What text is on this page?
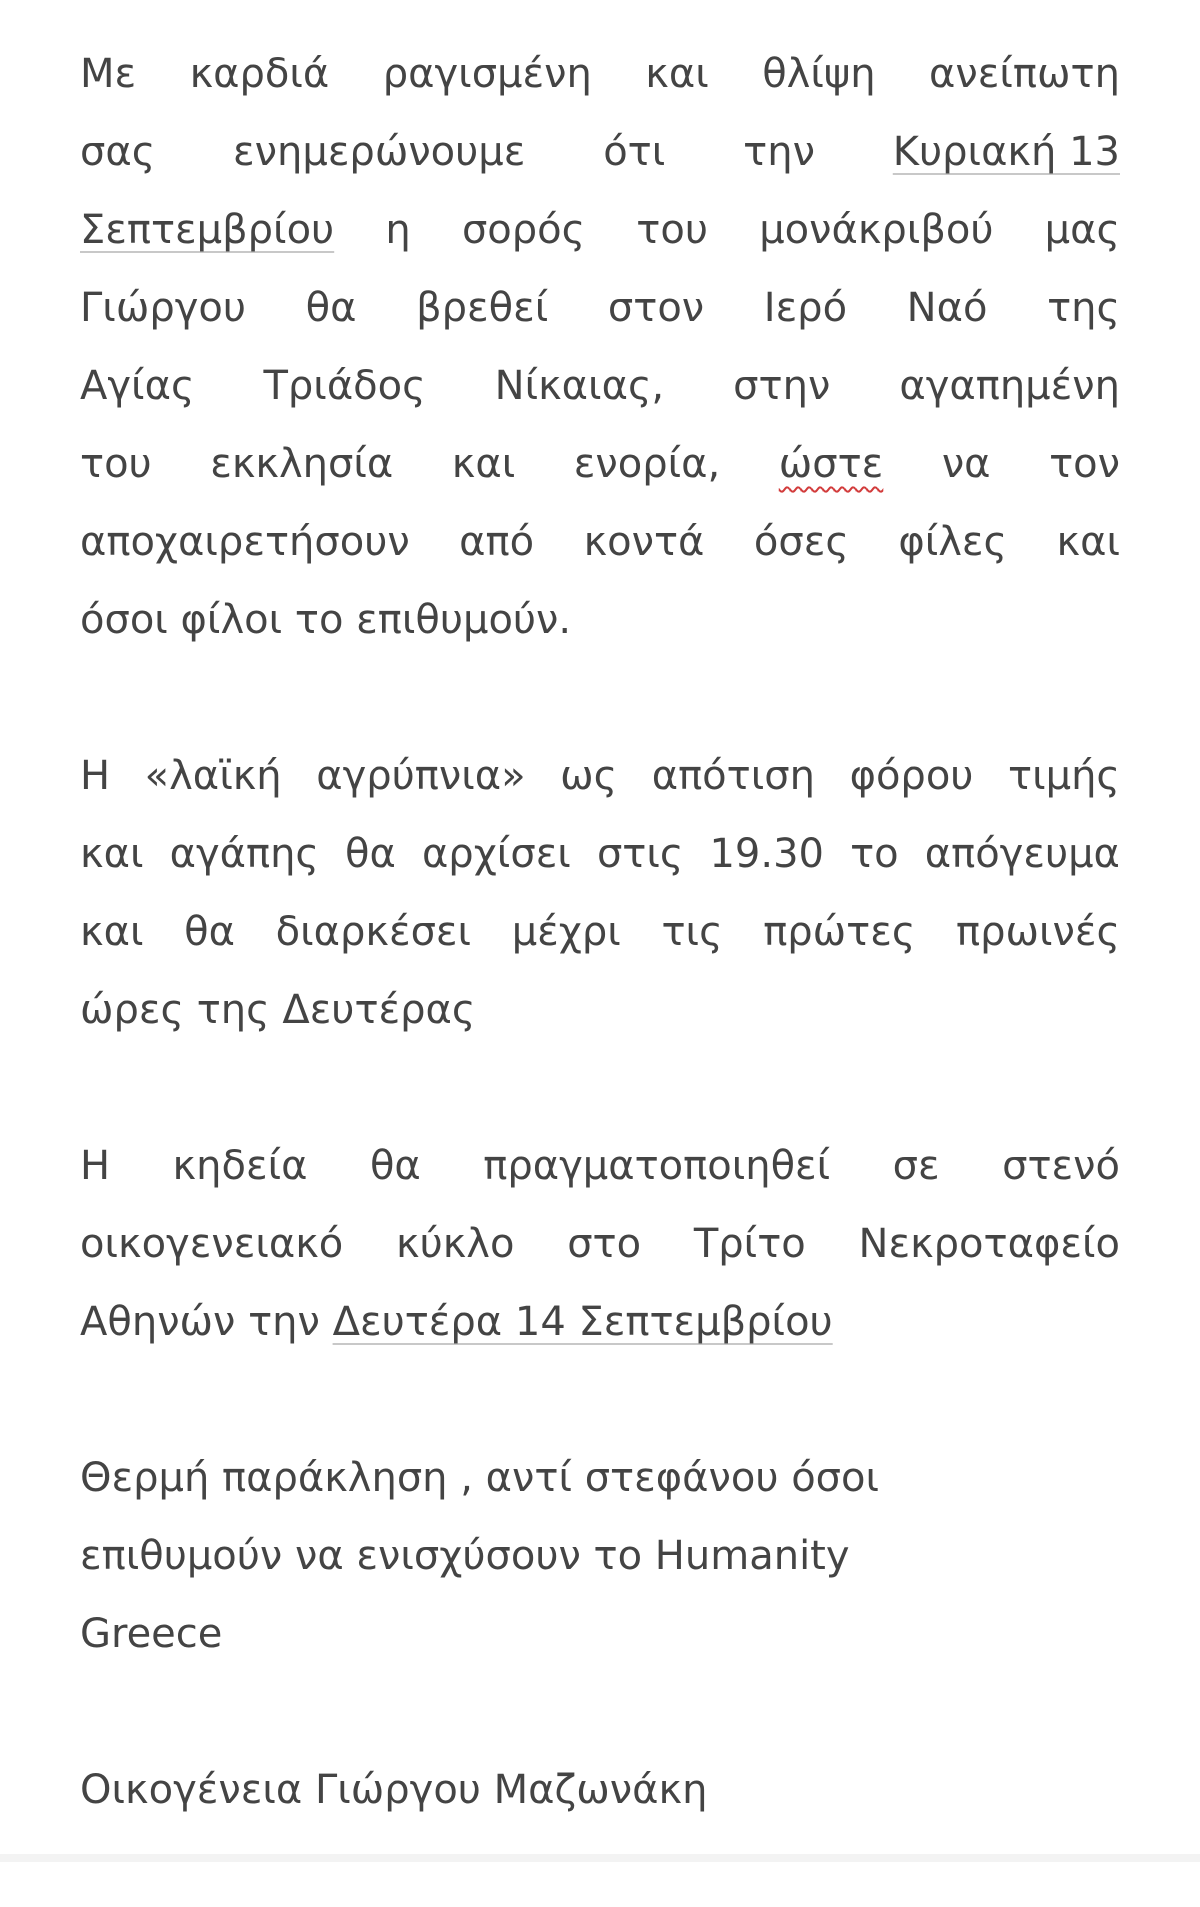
Με καρδιά ραγισμένη και θλίψη ανείπωτη
σας ενημερώνουμε ότι την Κυριακή 13
Σεπτεμβρίου η σορός του μονάκριβού μας
Γιώργου θα βρεθεί στον Ιερό Ναό της
Αγίας Τριάδος Νίκαιας, στην αγαπημένη
του εκκλησία και ενορία, ώστε να τον
αποχαιρετήσουν από κοντά όσες φίλες και
όσοι φίλοι το επιθυμούν.
Η «λαϊκή αγρύπνια» ως απότιση φόρου τιμής
και αγάπης θα αρχίσει στις 19.30 το απόγευμα
και θα διαρκέσει μέχρι τις πρώτες πρωινές
ώρες της Δευτέρας
Η κηδεία θα πραγματοποιηθεί σε στενό
οικογενειακό κύκλο στο Τρίτο Νεκροταφείο
Αθηνών την Δευτέρα 14 Σεπτεμβρίου
Θερμή παράκληση , αντί στεφάνου όσοι
επιθυμούν να ενισχύσουν το Humanity
Greece
Οικογένεια Γιώργου Μαζωνάκη
